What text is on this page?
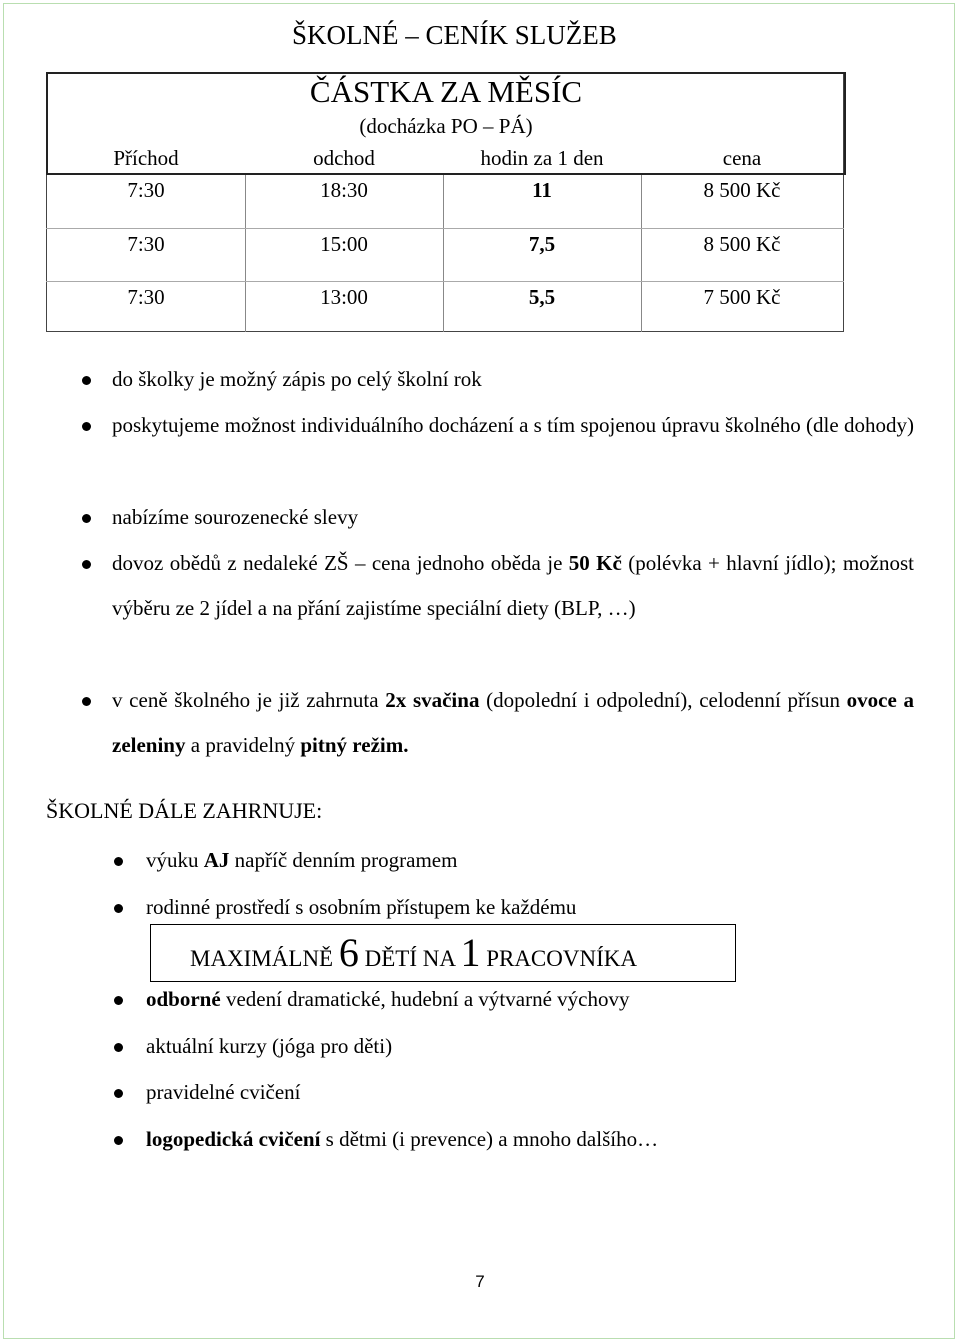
ŠKOLNÉ – CENÍK SLUŽEB
ČÁSTKA ZA MĚSÍC
(docházka PO – PÁ)
Příchod	odchod	hodin za 1 den	cena
7:30	18:30	11	8 500 Kč
7:30	15:00	7,5	8 500 Kč
7:30	13:00	5,5	7 500 Kč
do školky je možný zápis po celý školní rok
poskytujeme možnost individuálního docházení a s tím spojenou úpravu školného (dle dohody)
nabízíme sourozenecké slevy
dovoz obědů z nedaleké ZŠ – cena jednoho oběda je 50 Kč (polévka + hlavní jídlo); možnost výběru ze 2 jídel a na přání zajistíme speciální diety (BLP, …)
v ceně školného je již zahrnuta 2x svačina (dopolední i odpolední), celodenní přísun ovoce a zeleniny a pravidelný pitný režim.
ŠKOLNÉ DÁLE ZAHRNUJE:
výuku AJ napříč denním programem
rodinné prostředí s osobním přístupem ke každému
MAXIMÁLNĚ 6 DĚTÍ NA 1 PRACOVNÍKA
odborné vedení dramatické, hudební a výtvarné výchovy
aktuální kurzy (jóga pro děti)
pravidelné cvičení
logopedická cvičení s dětmi (i prevence) a mnoho dalšího…
7
